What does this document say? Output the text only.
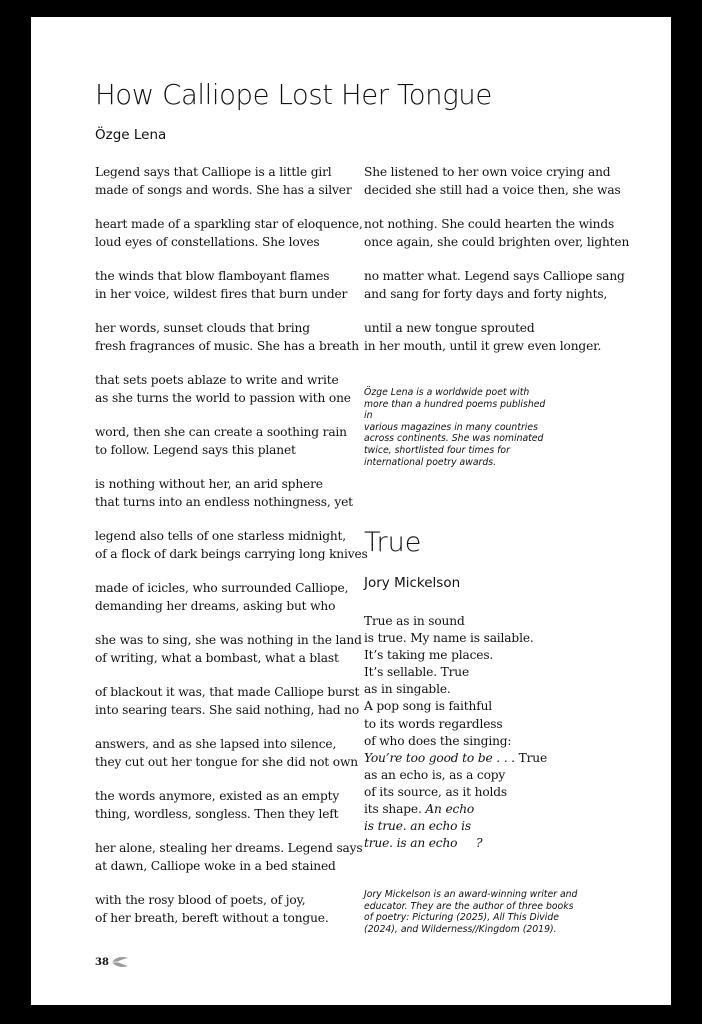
How Calliope Lost Her Tongue
Özge Lena
Legend says that Calliope is a little girl
made of songs and words. She has a silver
heart made of a sparkling star of eloquence,
loud eyes of constellations. She loves
the winds that blow flamboyant flames
in her voice, wildest fires that burn under
her words, sunset clouds that bring
fresh fragrances of music. She has a breath
that sets poets ablaze to write and write
as she turns the world to passion with one
word, then she can create a soothing rain
to follow. Legend says this planet
is nothing without her, an arid sphere
that turns into an endless nothingness, yet
legend also tells of one starless midnight,
of a flock of dark beings carrying long knives
made of icicles, who surrounded Calliope,
demanding her dreams, asking but who
she was to sing, she was nothing in the land
of writing, what a bombast, what a blast
of blackout it was, that made Calliope burst
into searing tears. She said nothing, had no
answers, and as she lapsed into silence,
they cut out her tongue for she did not own
the words anymore, existed as an empty
thing, wordless, songless. Then they left
her alone, stealing her dreams. Legend says
at dawn, Calliope woke in a bed stained
with the rosy blood of poets, of joy,
of her breath, bereft without a tongue.
She listened to her own voice crying and
decided she still had a voice then, she was
not nothing. She could hearten the winds
once again, she could brighten over, lighten
no matter what. Legend says Calliope sang
and sang for forty days and forty nights,
until a new tongue sprouted
in her mouth, until it grew even longer.
Özge Lena is a worldwide poet with
more than a hundred poems published in
various magazines in many countries
across continents. She was nominated
twice, shortlisted four times for
international poetry awards.
True
Jory Mickelson
True as in sound
is true. My name is sailable.
It’s taking me places.
It’s sellable. True
as in singable.
A pop song is faithful
to its words regardless
of who does the singing:
You’re too good to be . . . True
as an echo is, as a copy
of its source, as it holds
its shape. An echo
is true. an echo is
true. is an echo     ?
Jory Mickelson is an award-winning writer and
educator. They are the author of three books
of poetry: Picturing (2025), All This Divide
(2024), and Wilderness//Kingdom (2019).
38
